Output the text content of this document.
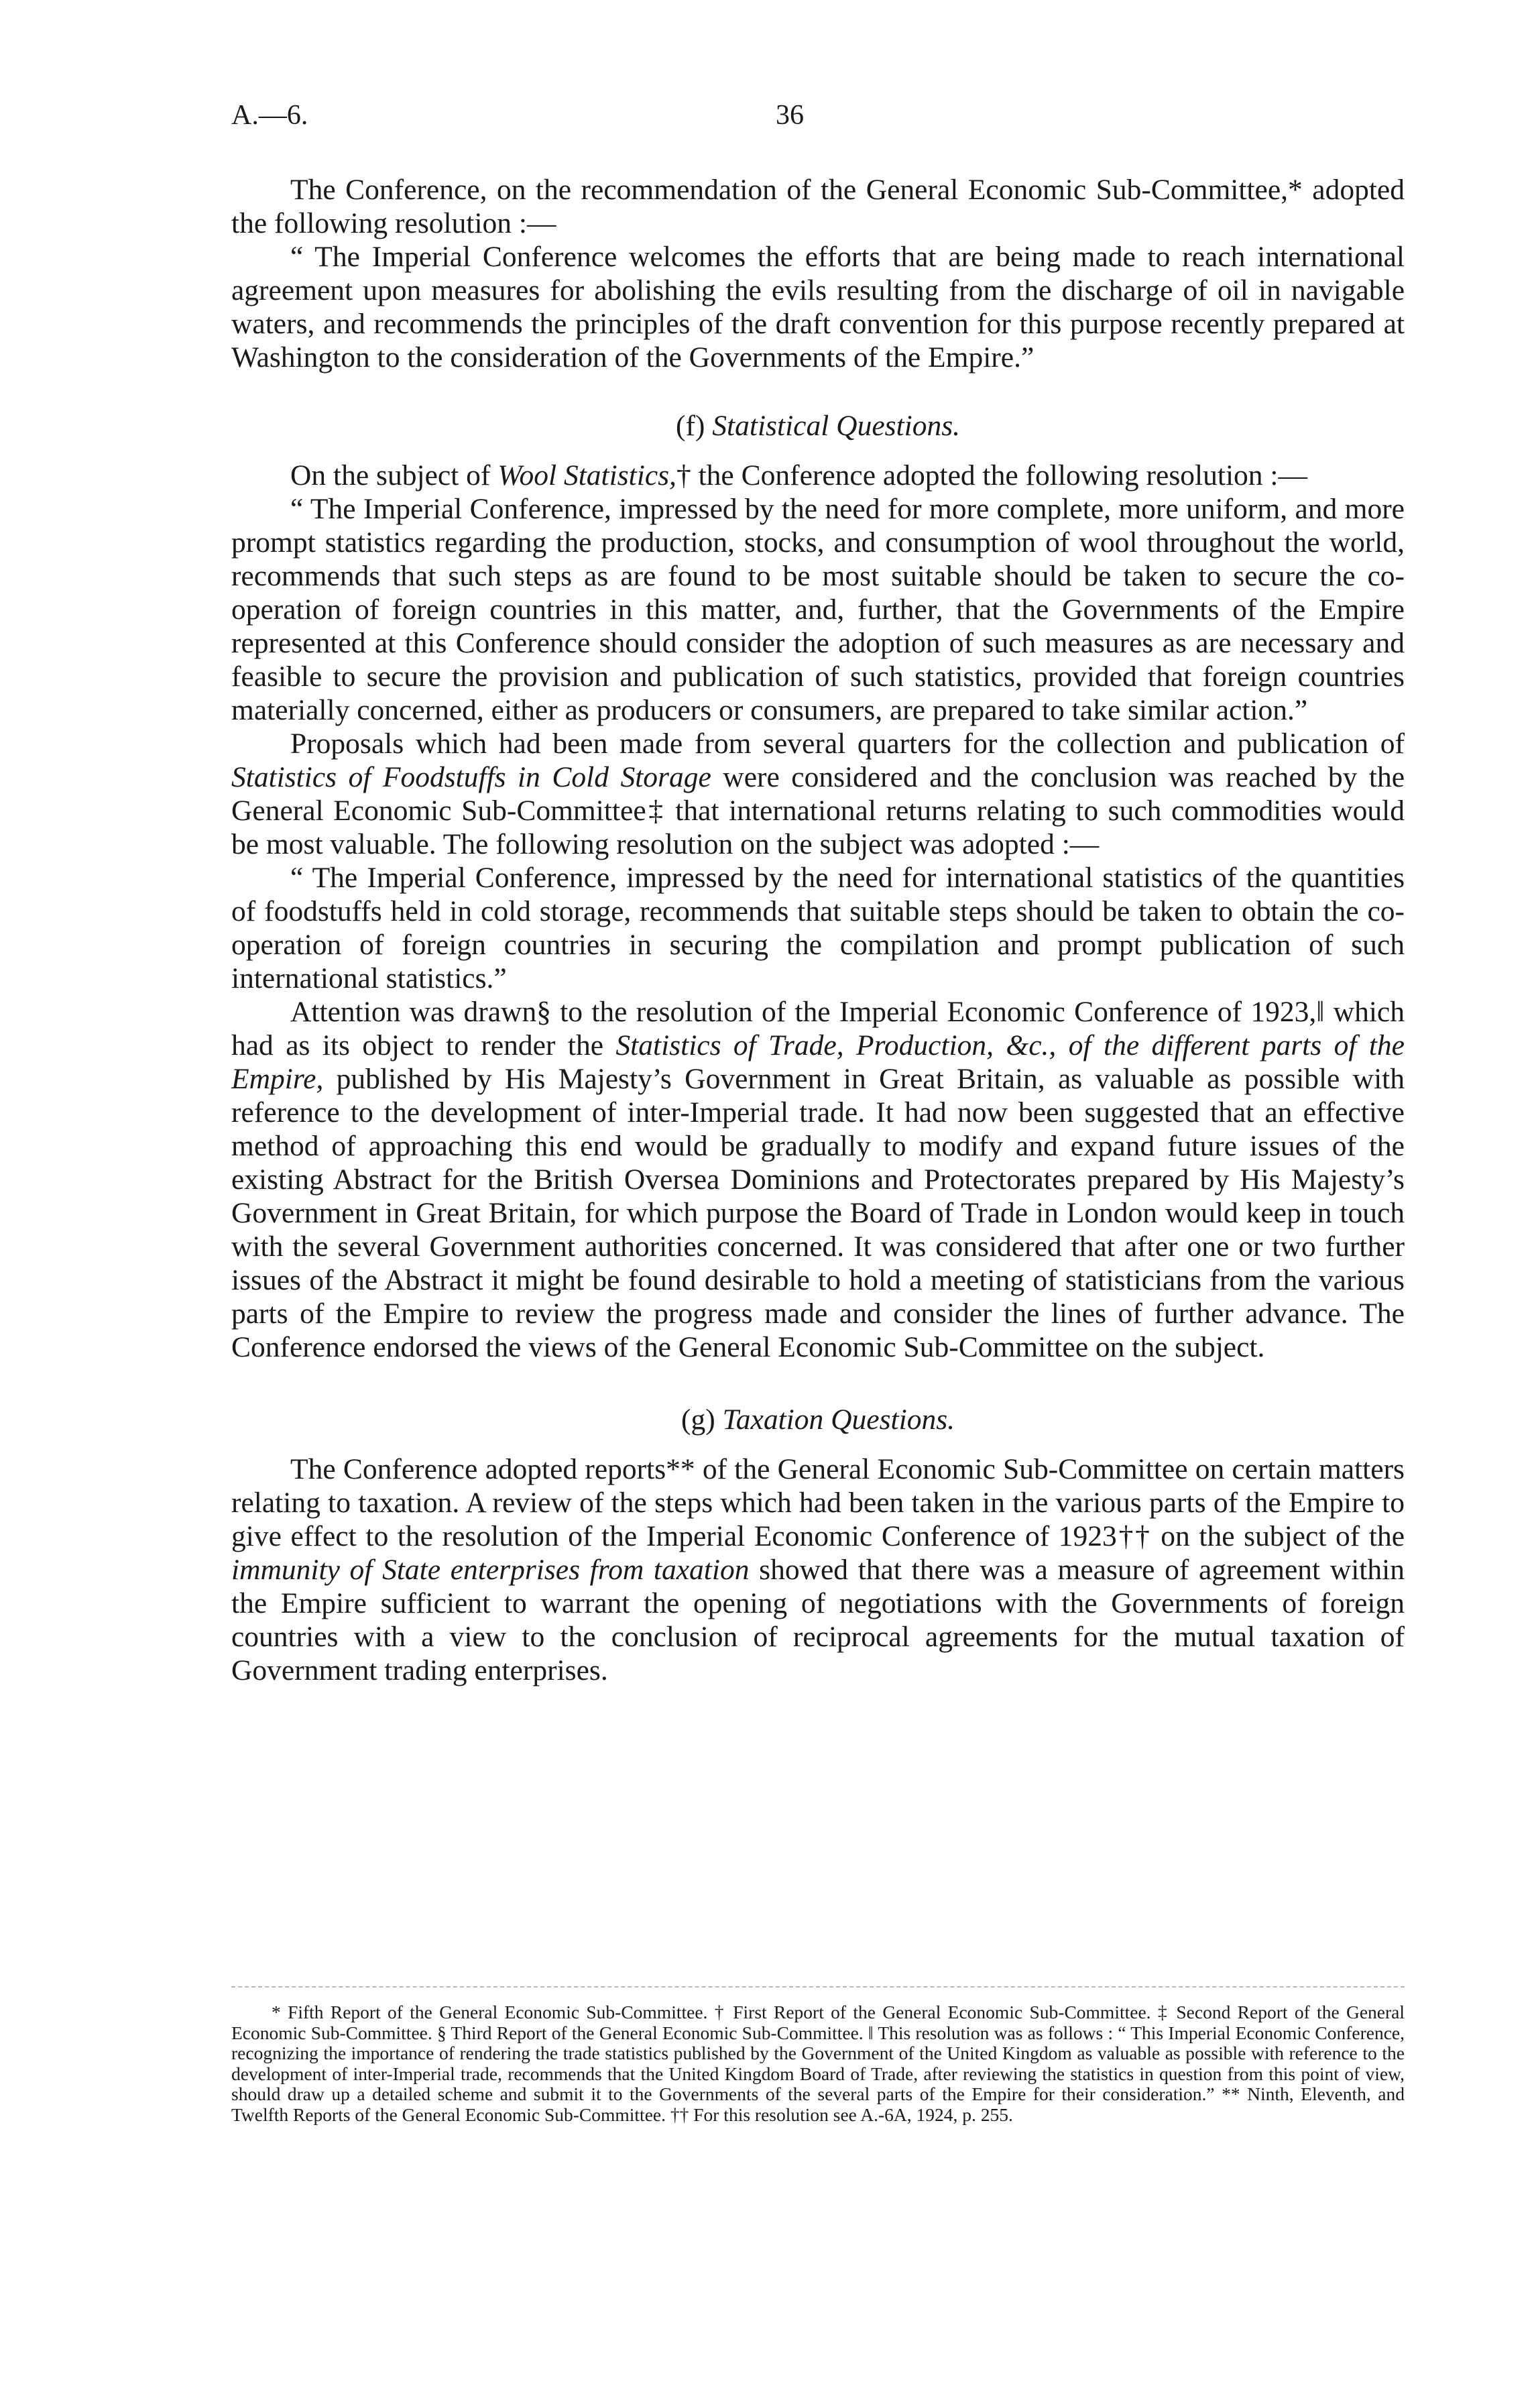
A.—6.	36

The Conference, on the recommendation of the General Economic Sub-Committee,* adopted the following resolution :—

“ The Imperial Conference welcomes the efforts that are being made to reach international agreement upon measures for abolishing the evils resulting from the discharge of oil in navigable waters, and recommends the principles of the draft convention for this purpose recently prepared at Washington to the consideration of the Governments of the Empire.”

(f) Statistical Questions.

On the subject of Wool Statistics,† the Conference adopted the following resolution :—

“ The Imperial Conference, impressed by the need for more complete, more uniform, and more prompt statistics regarding the production, stocks, and consumption of wool throughout the world, recommends that such steps as are found to be most suitable should be taken to secure the co-operation of foreign countries in this matter, and, further, that the Governments of the Empire represented at this Conference should consider the adoption of such measures as are necessary and feasible to secure the provision and publication of such statistics, provided that foreign countries materially concerned, either as producers or consumers, are prepared to take similar action.”

Proposals which had been made from several quarters for the collection and publication of Statistics of Foodstuffs in Cold Storage were considered and the conclusion was reached by the General Economic Sub-Committee‡ that international returns relating to such commodities would be most valuable. The following resolution on the subject was adopted :—

“ The Imperial Conference, impressed by the need for international statistics of the quantities of foodstuffs held in cold storage, recommends that suitable steps should be taken to obtain the co-operation of foreign countries in securing the compilation and prompt publication of such international statistics.”

Attention was drawn§ to the resolution of the Imperial Economic Conference of 1923,‖ which had as its object to render the Statistics of Trade, Production, &c., of the different parts of the Empire, published by His Majesty’s Government in Great Britain, as valuable as possible with reference to the development of inter-Imperial trade. It had now been suggested that an effective method of approaching this end would be gradually to modify and expand future issues of the existing Abstract for the British Oversea Dominions and Protectorates prepared by His Majesty’s Government in Great Britain, for which purpose the Board of Trade in London would keep in touch with the several Government authorities concerned. It was considered that after one or two further issues of the Abstract it might be found desirable to hold a meeting of statisticians from the various parts of the Empire to review the progress made and consider the lines of further advance. The Conference endorsed the views of the General Economic Sub-Committee on the subject.

(g) Taxation Questions.

The Conference adopted reports** of the General Economic Sub-Committee on certain matters relating to taxation. A review of the steps which had been taken in the various parts of the Empire to give effect to the resolution of the Imperial Economic Conference of 1923†† on the subject of the immunity of State enterprises from taxation showed that there was a measure of agreement within the Empire sufficient to warrant the opening of negotiations with the Governments of foreign countries with a view to the conclusion of reciprocal agreements for the mutual taxation of Government trading enterprises.

* Fifth Report of the General Economic Sub-Committee. † First Report of the General Economic Sub-Committee. ‡ Second Report of the General Economic Sub-Committee. § Third Report of the General Economic Sub-Committee. ‖ This resolution was as follows : “ This Imperial Economic Conference, recognizing the importance of rendering the trade statistics published by the Government of the United Kingdom as valuable as possible with reference to the development of inter-Imperial trade, recommends that the United Kingdom Board of Trade, after reviewing the statistics in question from this point of view, should draw up a detailed scheme and submit it to the Governments of the several parts of the Empire for their consideration.” ** Ninth, Eleventh, and Twelfth Reports of the General Economic Sub-Committee. †† For this resolution see A.-6A, 1924, p. 255.
